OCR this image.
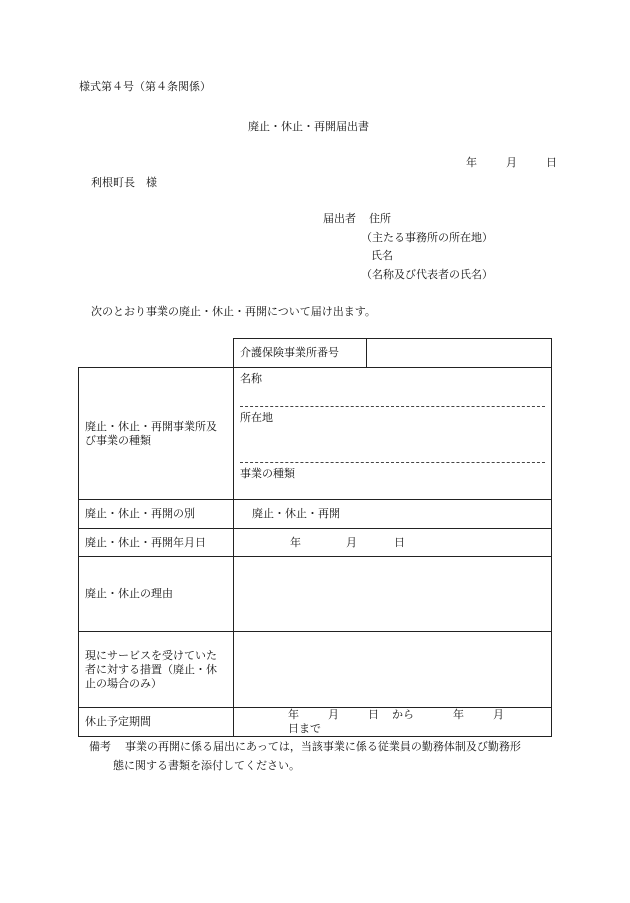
様式第４号（第４条関係）
廃止・休止・再開届出書
年	月	日
利根町長　様
届出者 住所
（主たる事務所の所在地）
氏名
（名称及び代表者の氏名）
次のとおり事業の廃止・休止・再開について届け出ます。
	介護保険事業所番号	
廃止・休止・再開事業所及び事業の種類	名称
所在地
事業の種類	

廃止・休止・再開の別	廃止・休止・再開	
廃止・休止・再開年月日	年 月 日	
廃止・休止の理由		
現にサービスを受けていた者に対する措置（廃止・休止の場合のみ）		
休止予定期間	年 月 日 から 年 月  日まで	
備考 事業の再開に係る届出にあっては，当該事業に係る従業員の勤務体制及び勤務形
態に関する書類を添付してください。
